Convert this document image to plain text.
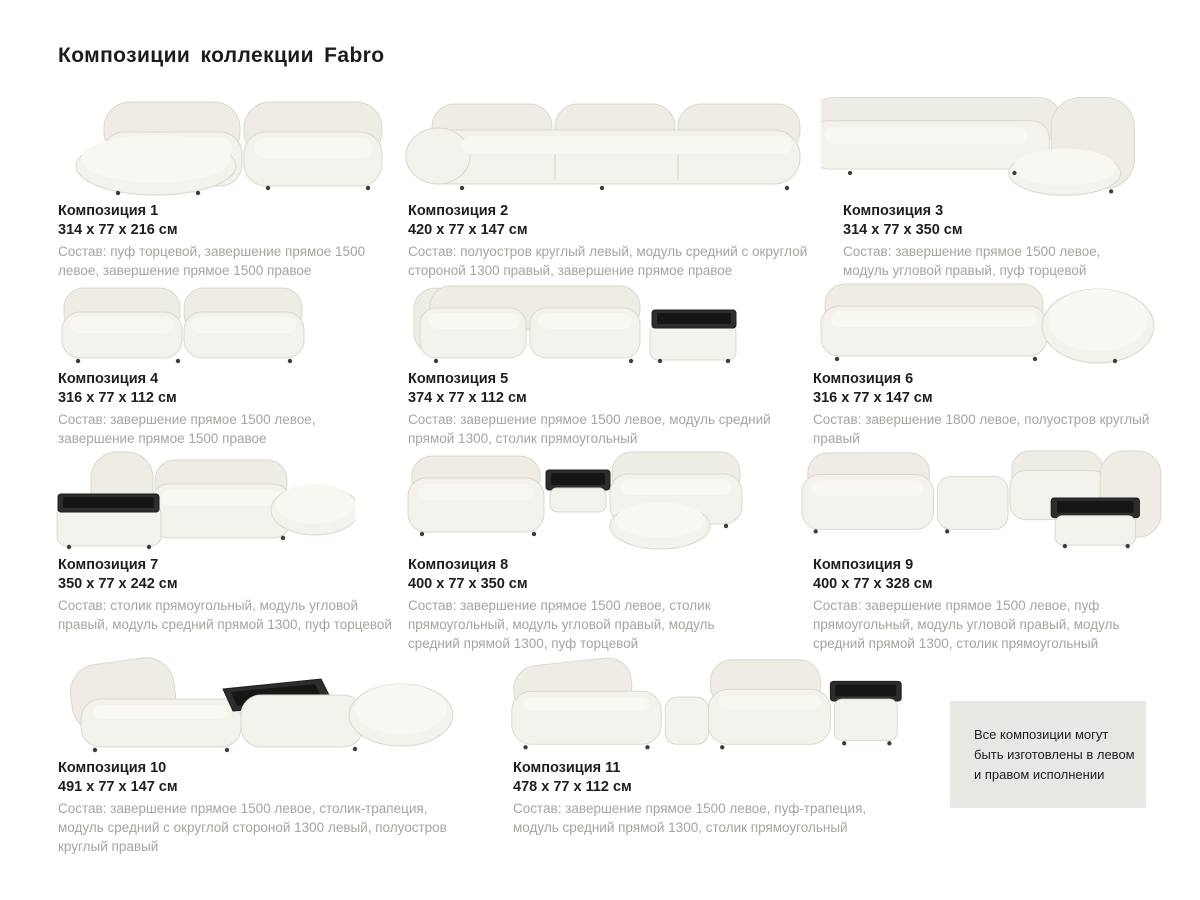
Композиции коллекции Fabro
Композиция 1
314 х 77 х 216 см
Состав: пуф торцевой, завершение прямое 1500 левое, завершение прямое 1500 правое
Композиция 2
420 х 77 х 147 см
Состав: полуостров круглый левый, модуль средний с округлой стороной 1300 правый, завершение прямое правое
Композиция 3
314 х 77 х 350 см
Состав: завершение прямое 1500 левое, модуль угловой правый, пуф торцевой
Композиция 4
316 х 77 х 112 см
Состав: завершение прямое 1500 левое, завершение прямое 1500 правое
Композиция 5
374 х 77 х 112 см
Состав: завершение прямое 1500 левое, модуль средний прямой 1300, столик прямоугольный
Композиция 6
316 х 77 х 147 см
Состав: завершение 1800 левое, полуостров круглый правый
Композиция 7
350 х 77 х 242 см
Состав: столик прямоугольный, модуль угловой правый, модуль средний прямой 1300, пуф торцевой
Композиция 8
400 х 77 х 350 см
Состав: завершение прямое 1500 левое, столик прямоугольный, модуль угловой правый, модуль средний прямой 1300, пуф торцевой
Композиция 9
400 х 77 х 328 см
Состав: завершение прямое 1500 левое, пуф прямоугольный, модуль угловой правый, модуль средний прямой 1300, столик прямоугольный
Композиция 10
491 х 77 х 147 см
Состав: завершение прямое 1500 левое, столик-трапеция, модуль средний с округлой стороной 1300 левый, полуостров круглый правый
Композиция 11
478 х 77 х 112 см
Состав: завершение прямое 1500 левое, пуф-трапеция, модуль средний прямой 1300, столик прямоугольный
Все композиции могут быть изготовлены в левом и правом исполнении
